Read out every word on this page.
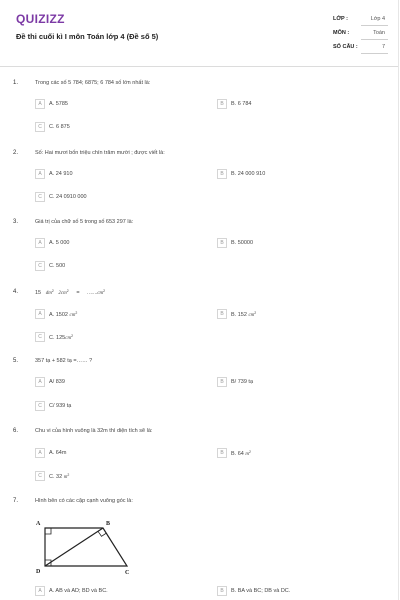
QUIZIZZ
Đề thi cuối kì I môn Toán lớp 4 (Đề số 5)
LỚP :	Lớp 4
MÔN :	Toán
SỐ CÂU :	7
1.	Trong các số 5 784; 6875; 6 784 số lớn nhất là:
A	A. 5785	B	B. 6 784
C	C. 6 875
2.	Số: Hai mươi bốn triệu chín trăm mười ; được viết là:
A	A. 24 910	B	B. 24 000 910
C	C. 24 0910 000
3.	Giá trị của chữ số 5 trong số 653 297 là:
A	A. 5 000	B	B. 50000
C	C. 500
4.	15 $dm^2$ $2cm^2$ = $\dots\dots.cm^2$
A	A. 1502 $cm^2$	B	B. 152 $cm^2$
C	C. $125cm^2$
5.	357 tạ + 582 tạ =…… ?
A	A/ 839	B	B/ 739 tạ
C	C/ 939 tạ
6.	Chu vi của hình vuông là 32m thì diện tích sẽ là:
A	A. 64m	B	B. 64 $m^2$
C	C. 32 $m^2$
7.	Hình bên có các cặp cạnh vuông góc là:
A	B
D	C
A	A. AB và AD; BD và BC.	B	B. BA và BC; DB và DC.
